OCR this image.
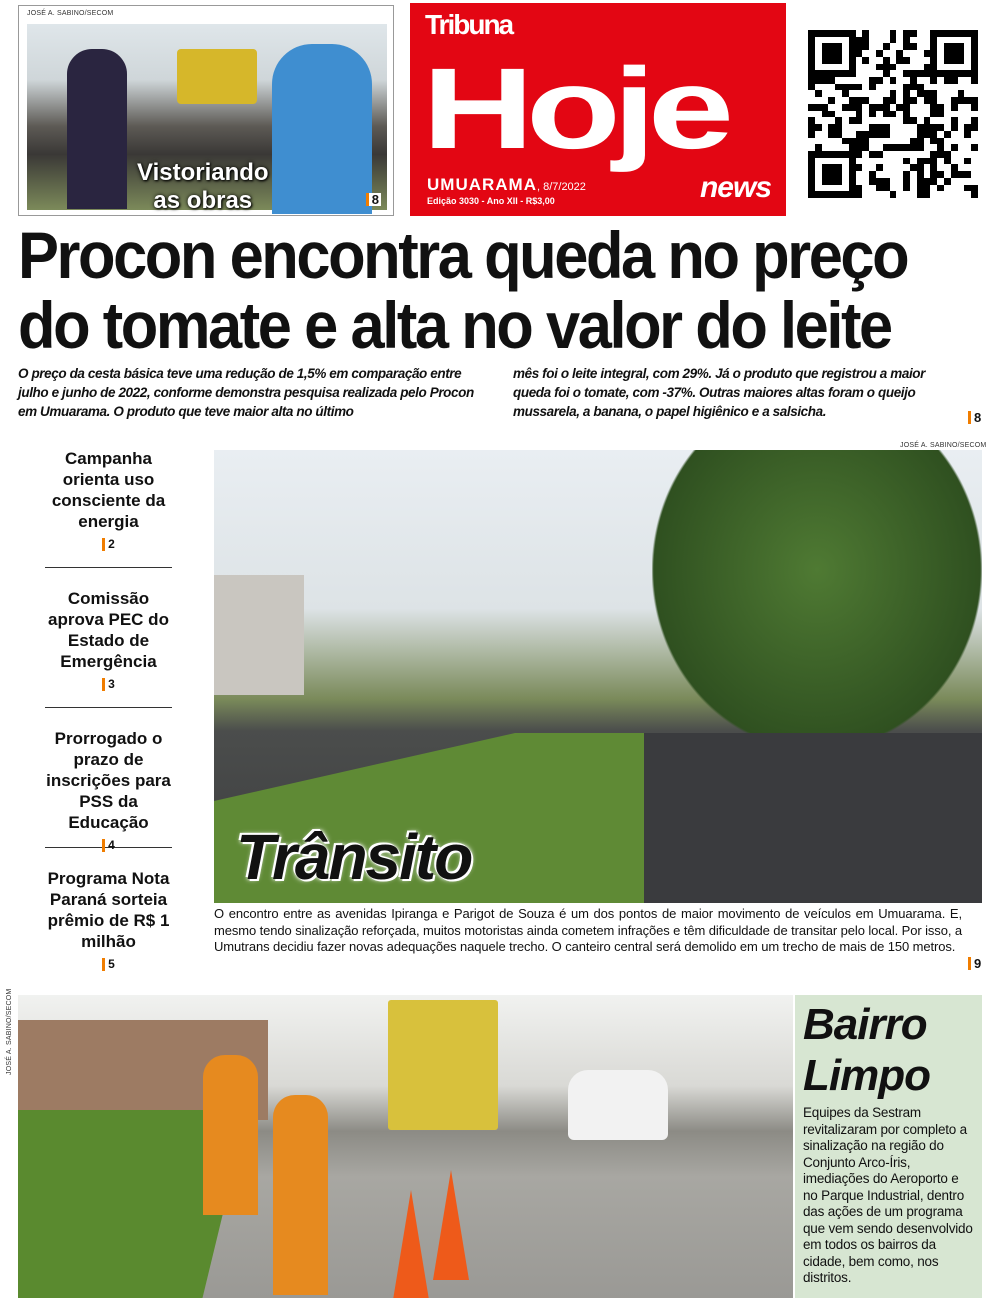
JOSÉ A. SABINO/SECOM
Vistoriando
as obras	8
Tribuna
Hoje
UMUARAMA, 8/7/2022
Edição 3030 - Ano XII - R$3,00	news
Procon encontra queda no preço
do tomate e alta no valor do leite
O preço da cesta básica teve uma redução de 1,5% em comparação entre julho e junho de 2022, conforme demonstra pesquisa realizada pelo Procon em Umuarama. O produto que teve maior alta no último
mês foi o leite integral, com 29%. Já o produto que registrou a maior queda foi o tomate, com -37%. Outras maiores altas foram o queijo mussarela, a banana, o papel higiênico e a salsicha.	8
Campanha orienta uso consciente da energia
2
Comissão aprova PEC do Estado de Emergência
3
Prorrogado o prazo de inscrições para PSS da Educação
4
Programa Nota Paraná sorteia prêmio de R$ 1 milhão
5
JOSÉ A. SABINO/SECOM
Trânsito
O encontro entre as avenidas Ipiranga e Parigot de Souza é um dos pontos de maior movimento de veículos em Umuarama. E, mesmo tendo sinalização reforçada, muitos motoristas ainda cometem infrações e têm dificuldade de transitar pelo local. Por isso, a Umutrans decidiu fazer novas adequações naquele trecho. O canteiro central será demolido em um trecho de mais de 150 metros.
9
JOSÉ A. SABINO/SECOM	Bairro
Limpo
Equipes da Sestram revitalizaram por completo a sinalização na região do Conjunto Arco-Íris, imediações do Aeroporto e no Parque Industrial, dentro das ações de um programa que vem sendo desenvolvido em todos os bairros da cidade, bem como, nos distritos.
